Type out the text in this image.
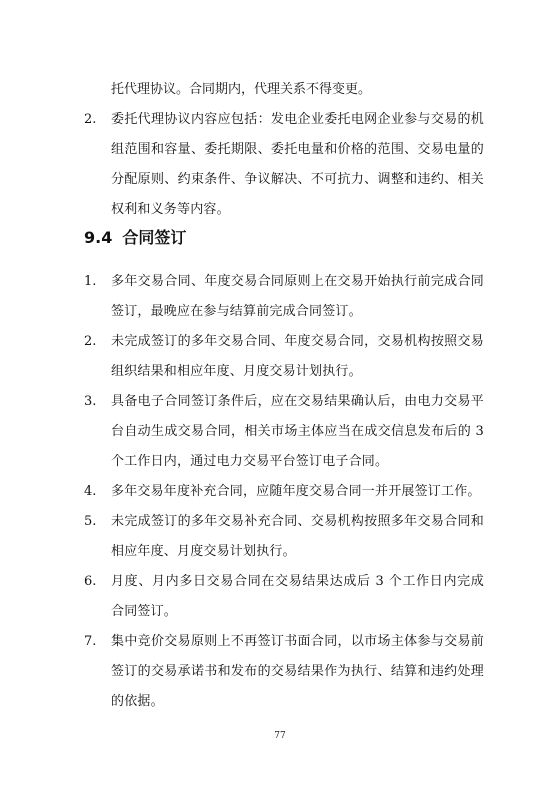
托代理协议。合同期内，代理关系不得变更。
2.	委托代理协议内容应包括：发电企业委托电网企业参与交易的机组范围和容量、委托期限、委托电量和价格的范围、交易电量的分配原则、约束条件、争议解决、不可抗力、调整和违约、相关权利和义务等内容。
9.4 合同签订
1.	多年交易合同、年度交易合同原则上在交易开始执行前完成合同签订，最晚应在参与结算前完成合同签订。
2.	未完成签订的多年交易合同、年度交易合同，交易机构按照交易组织结果和相应年度、月度交易计划执行。
3.	具备电子合同签订条件后，应在交易结果确认后，由电力交易平台自动生成交易合同，相关市场主体应当在成交信息发布后的 3个工作日内，通过电力交易平台签订电子合同。
4.	多年交易年度补充合同，应随年度交易合同一并开展签订工作。
5.	未完成签订的多年交易补充合同、交易机构按照多年交易合同和相应年度、月度交易计划执行。
6.	月度、月内多日交易合同在交易结果达成后 3 个工作日内完成合同签订。
7.	集中竞价交易原则上不再签订书面合同，以市场主体参与交易前签订的交易承诺书和发布的交易结果作为执行、结算和违约处理的依据。
77
